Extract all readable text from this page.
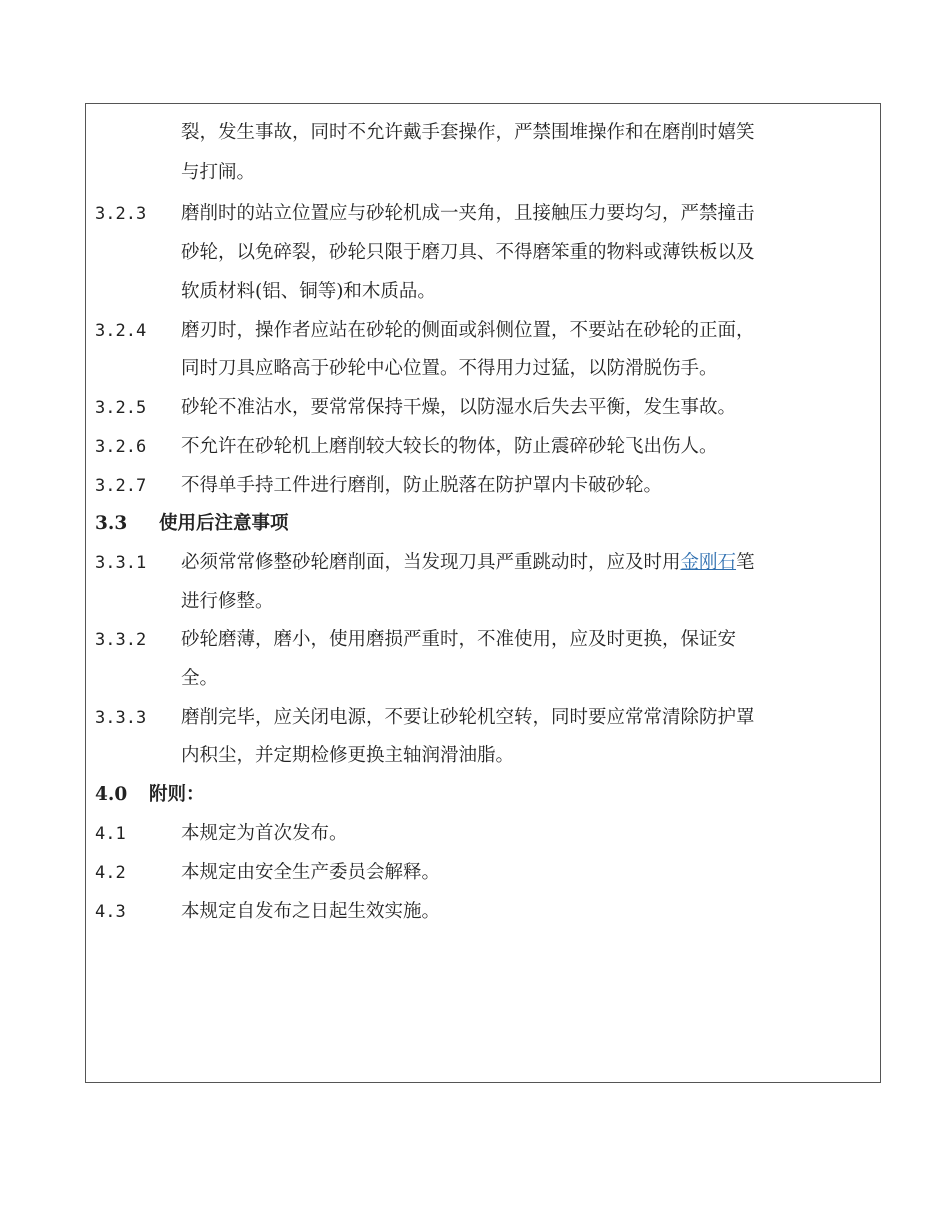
裂，发生事故，同时不允许戴手套操作，严禁围堆操作和在磨削时嬉笑
与打闹。
3.2.3 磨削时的站立位置应与砂轮机成一夹角，且接触压力要均匀，严禁撞击
砂轮，以免碎裂，砂轮只限于磨刀具、不得磨笨重的物料或薄铁板以及
软质材料(铝、铜等)和木质品。
3.2.4 磨刃时，操作者应站在砂轮的侧面或斜侧位置，不要站在砂轮的正面，
同时刀具应略高于砂轮中心位置。不得用力过猛，以防滑脱伤手。
3.2.5 砂轮不准沾水，要常常保持干燥，以防湿水后失去平衡，发生事故。
3.2.6 不允许在砂轮机上磨削较大较长的物体，防止震碎砂轮飞出伤人。
3.2.7 不得单手持工件进行磨削，防止脱落在防护罩内卡破砂轮。
3.3 使用后注意事项
3.3.1 必须常常修整砂轮磨削面，当发现刀具严重跳动时，应及时用金刚石笔
进行修整。
3.3.2 砂轮磨薄，磨小，使用磨损严重时，不准使用，应及时更换，保证安
全。
3.3.3 磨削完毕，应关闭电源，不要让砂轮机空转，同时要应常常清除防护罩
内积尘，并定期检修更换主轴润滑油脂。
4.0 附则：
4.1	本规定为首次发布。
4.2	本规定由安全生产委员会解释。
4.3	本规定自发布之日起生效实施。
